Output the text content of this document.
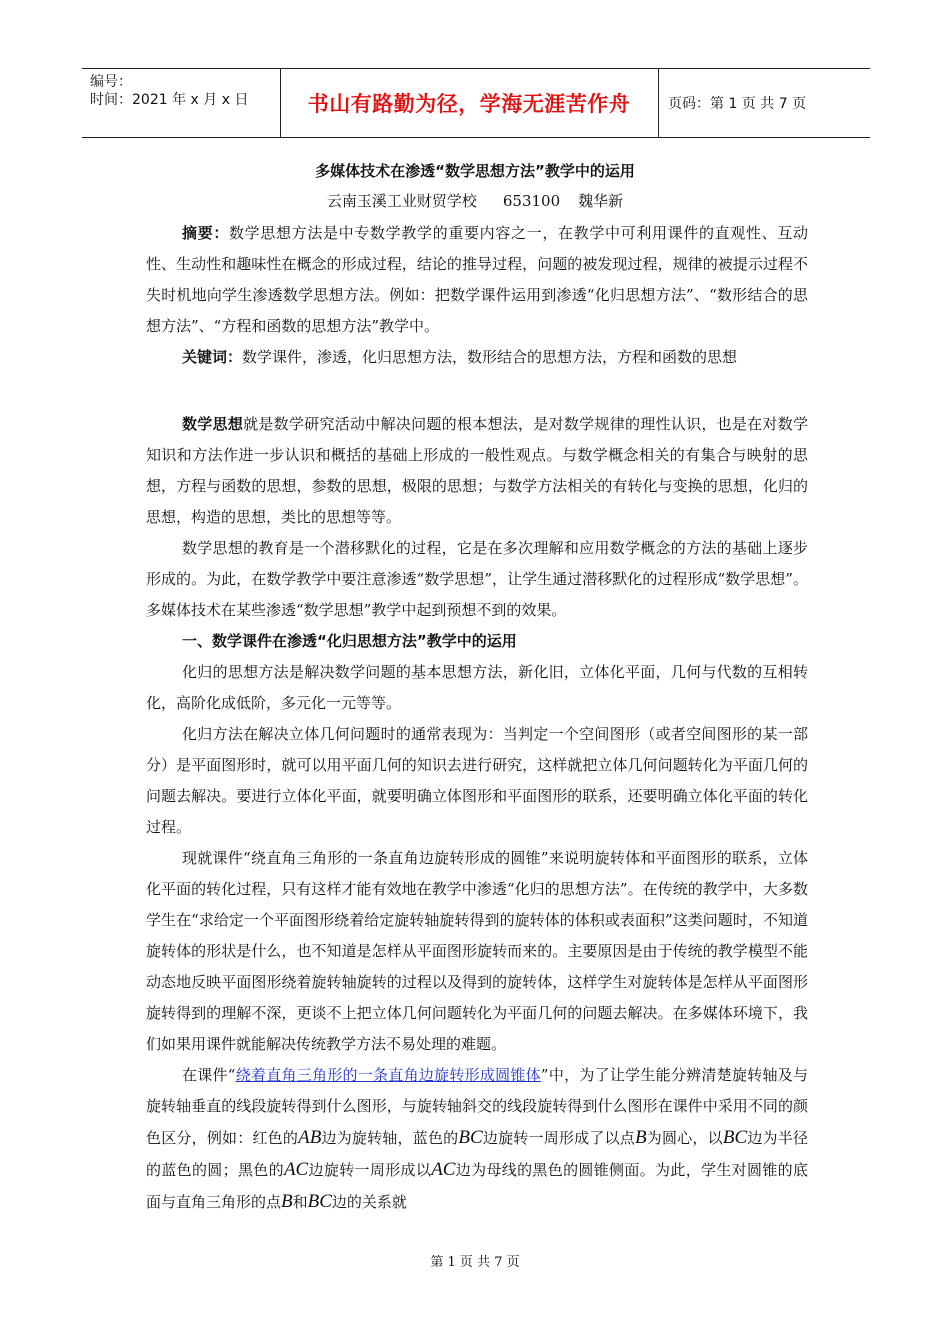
编号：
时间：2021 年 x 月 x 日	书山有路勤为径，学海无涯苦作舟	页码：第 1 页 共 7 页
多媒体技术在渗透“数学思想方法”教学中的运用
云南玉溪工业财贸学校 653100 魏华新

摘要：数学思想方法是中专数学教学的重要内容之一，在教学中可利用课件的直观性、互动性、生动性和趣味性在概念的形成过程，结论的推导过程，问题的被发现过程，规律的被提示过程不失时机地向学生渗透数学思想方法。例如：把数学课件运用到渗透“化归思想方法”、“数形结合的思想方法”、“方程和函数的思想方法”教学中。

关键词：数学课件，渗透，化归思想方法，数形结合的思想方法，方程和函数的思想

数学思想就是数学研究活动中解决问题的根本想法，是对数学规律的理性认识，也是在对数学知识和方法作进一步认识和概括的基础上形成的一般性观点。与数学概念相关的有集合与映射的思想，方程与函数的思想，参数的思想，极限的思想；与数学方法相关的有转化与变换的思想，化归的思想，构造的思想，类比的思想等等。

数学思想的教育是一个潜移默化的过程，它是在多次理解和应用数学概念的方法的基础上逐步形成的。为此，在数学教学中要注意渗透“数学思想”，让学生通过潜移默化的过程形成“数学思想”。多媒体技术在某些渗透“数学思想”教学中起到预想不到的效果。

一、数学课件在渗透“化归思想方法”教学中的运用

化归的思想方法是解决数学问题的基本思想方法，新化旧，立体化平面，几何与代数的互相转化，高阶化成低阶，多元化一元等等。

化归方法在解决立体几何问题时的通常表现为：当判定一个空间图形（或者空间图形的某一部分）是平面图形时，就可以用平面几何的知识去进行研究，这样就把立体几何问题转化为平面几何的问题去解决。要进行立体化平面，就要明确立体图形和平面图形的联系，还要明确立体化平面的转化过程。

现就课件“绕直角三角形的一条直角边旋转形成的圆锥”来说明旋转体和平面图形的联系，立体化平面的转化过程，只有这样才能有效地在教学中渗透“化归的思想方法”。在传统的教学中，大多数学生在“求给定一个平面图形绕着给定旋转轴旋转得到的旋转体的体积或表面积”这类问题时，不知道旋转体的形状是什么，也不知道是怎样从平面图形旋转而来的。主要原因是由于传统的教学模型不能动态地反映平面图形绕着旋转轴旋转的过程以及得到的旋转体，这样学生对旋转体是怎样从平面图形旋转得到的理解不深，更谈不上把立体几何问题转化为平面几何的问题去解决。在多媒体环境下，我们如果用课件就能解决传统教学方法不易处理的难题。

在课件“绕着直角三角形的一条直角边旋转形成圆锥体”中，为了让学生能分辨清楚旋转轴及与旋转轴垂直的线段旋转得到什么图形，与旋转轴斜交的线段旋转得到什么图形在课件中采用不同的颜色区分，例如：红色的AB边为旋转轴，蓝色的BC边旋转一周形成了以点B为圆心，以BC边为半径的蓝色的圆；黑色的AC边旋转一周形成以AC边为母线的黑色的圆锥侧面。为此，学生对圆锥的底面与直角三角形的点B和BC边的关系就

第 1 页 共 7 页
